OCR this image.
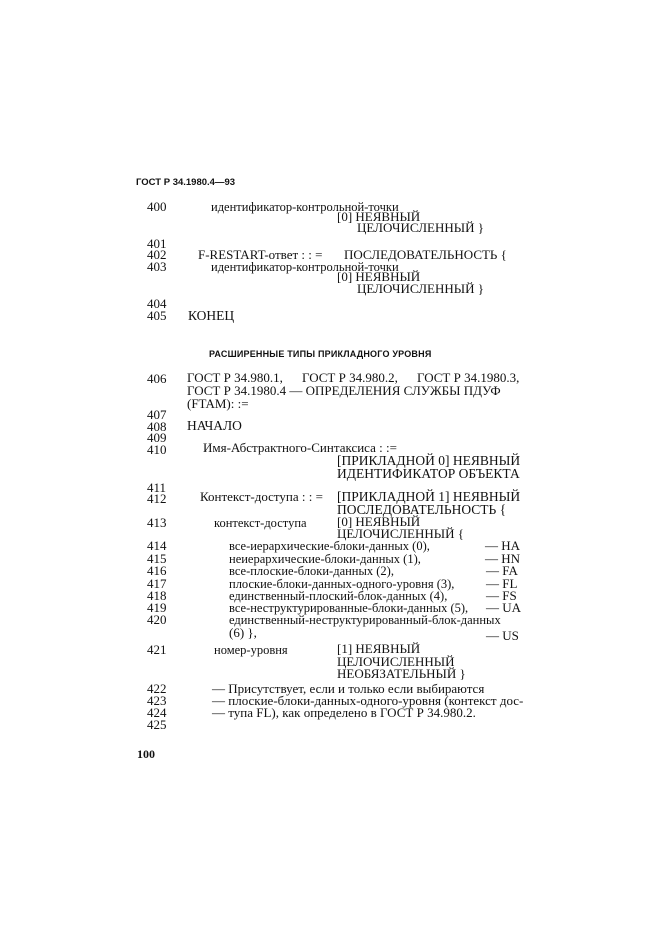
ГОСТ Р 34.1980.4—93
400	идентификатор-контрольной-точки
[0] НЕЯВНЫЙ
ЦЕЛОЧИСЛЕННЫЙ }
401
402 F-RESTART-ответ : : = ПОСЛЕДОВАТЕЛЬНОСТЬ {
403	идентификатор-контрольной-точки
[0] НЕЯВНЫЙ
ЦЕЛОЧИСЛЕННЫЙ }
404
405 КОНЕЦ
РАСШИРЕННЫЕ ТИПЫ ПРИКЛАДНОГО УРОВНЯ
406 ГОСТ Р 34.980.1, ГОСТ Р 34.980.2, ГОСТ Р 34.1980.3,
ГОСТ Р 34.1980.4 — ОПРЕДЕЛЕНИЯ СЛУЖБЫ ПДУФ
(FTAM): :=
407
408 НАЧАЛО
409
410	Имя-Абстрактного-Синтаксиса : :=
[ПРИКЛАДНОЙ 0] НЕЯВНЫЙ
ИДЕНТИФИКАТОР ОБЪЕКТА
411
412	Контекст-доступа : : = [ПРИКЛАДНОЙ 1] НЕЯВНЫЙ
ПОСЛЕДОВАТЕЛЬНОСТЬ {
413	контекст-доступа [0] НЕЯВНЫЙ
ЦЕЛОЧИСЛЕННЫЙ {
414	все-иерархические-блоки-данных (0),	— HA
415	неиерархические-блоки-данных (1),	— HN
416	все-плоские-блоки-данных (2),	— FA
417	плоские-блоки-данных-одного-уровня (3), — FL
418	единственный-плоский-блок-данных (4),	— FS
419	все-неструктурированные-блоки-данных (5), — UA
420	единственный-неструктурированный-блок-данных
(6) },	— US
421	номер-уровня	[1] НЕЯВНЫЙ
ЦЕЛОЧИСЛЕННЫЙ
НЕОБЯЗАТЕЛЬНЫЙ }
422	— Присутствует, если и только если выбираются
423	— плоские-блоки-данных-одного-уровня (контекст дос-
424	— тупа FL), как определено в ГОСТ Р 34.980.2.
425
100
